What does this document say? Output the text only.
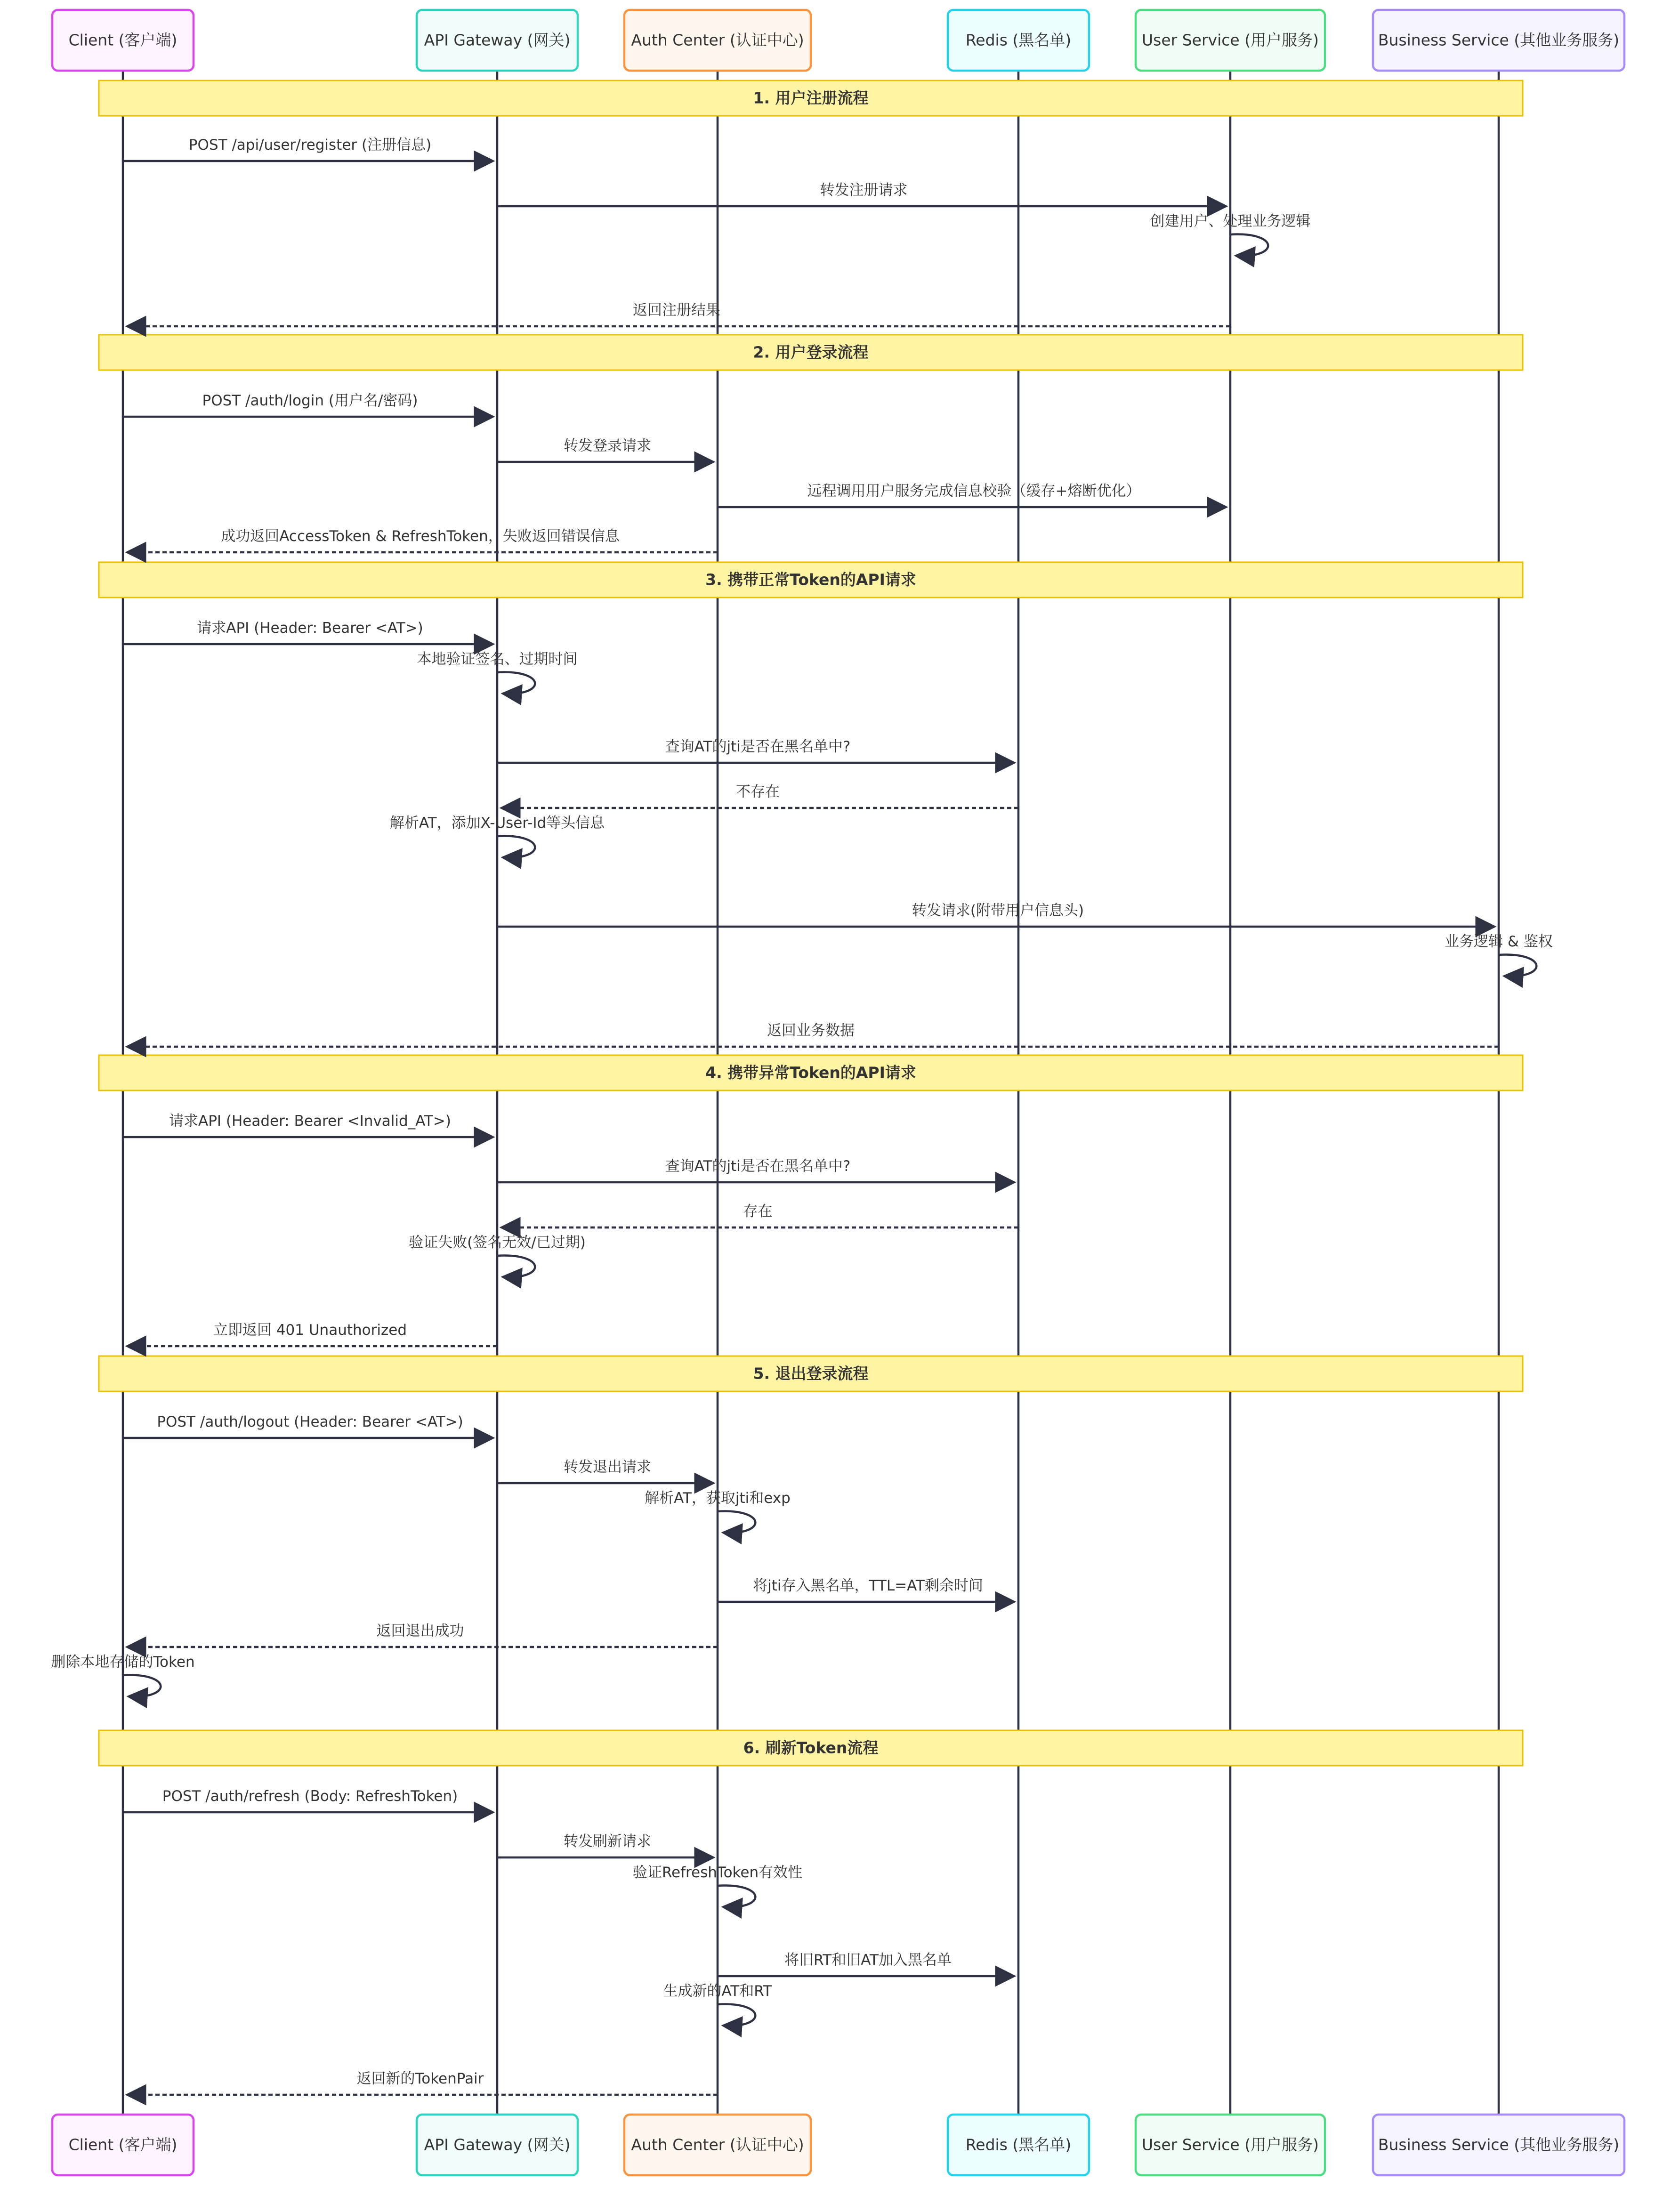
1. 用户注册流程
2. 用户登录流程
3. 携带正常Token的API请求
4. 携带异常Token的API请求
5. 退出登录流程
6. 刷新Token流程
POST /api/user/register (注册信息)
转发注册请求
创建用户、处理业务逻辑
返回注册结果
POST /auth/login (用户名/密码)
转发登录请求
远程调用用户服务完成信息校验（缓存+熔断优化）
成功返回AccessToken & RefreshToken，失败返回错误信息
请求API (Header: Bearer <AT>)
本地验证签名、过期时间
查询AT的jti是否在黑名单中?
不存在
解析AT，添加X-User-Id等头信息
转发请求(附带用户信息头)
业务逻辑 & 鉴权
返回业务数据
请求API (Header: Bearer <Invalid_AT>)
查询AT的jti是否在黑名单中?
存在
验证失败(签名无效/已过期)
立即返回 401 Unauthorized
POST /auth/logout (Header: Bearer <AT>)
转发退出请求
解析AT，获取jti和exp
将jti存入黑名单，TTL=AT剩余时间
返回退出成功
删除本地存储的Token
POST /auth/refresh (Body: RefreshToken)
转发刷新请求
验证RefreshToken有效性
将旧RT和旧AT加入黑名单
生成新的AT和RT
返回新的TokenPair
Client (客户端)
Client (客户端)
API Gateway (网关)
API Gateway (网关)
Auth Center (认证中心)
Auth Center (认证中心)
Redis (黑名单)
Redis (黑名单)
User Service (用户服务)
User Service (用户服务)
Business Service (其他业务服务)
Business Service (其他业务服务)
